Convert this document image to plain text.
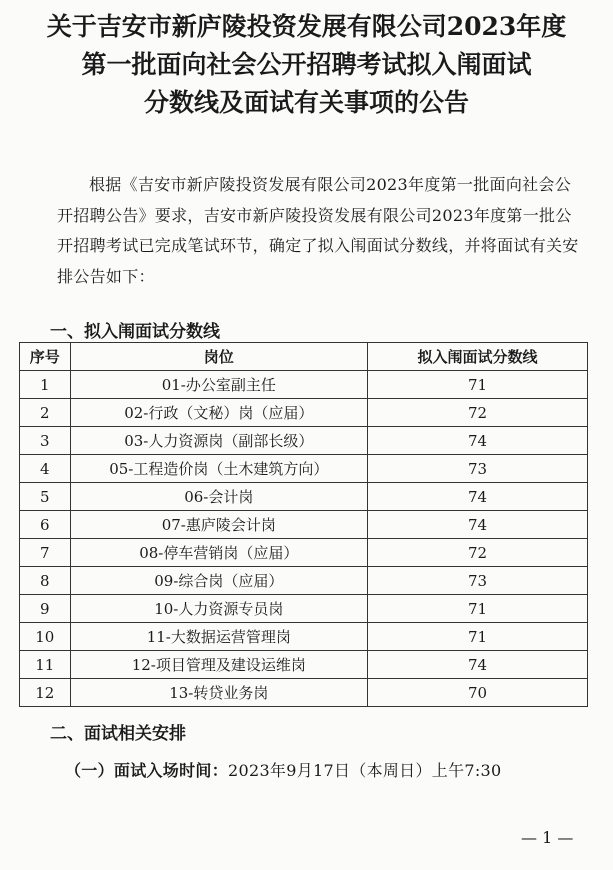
关于吉安市新庐陵投资发展有限公司2023年度
第一批面向社会公开招聘考试拟入闱面试
分数线及面试有关事项的公告
根据《吉安市新庐陵投资发展有限公司2023年度第一批面向社会公开招聘公告》要求，吉安市新庐陵投资发展有限公司2023年度第一批公开招聘考试已完成笔试环节，确定了拟入闱面试分数线，并将面试有关安排公告如下：
一、拟入闱面试分数线
序号	岗位	拟入闱面试分数线
1	01-办公室副主任	71
2	02-行政（文秘）岗（应届）	72
3	03-人力资源岗（副部长级）	74
4	05-工程造价岗（土木建筑方向）	73
5	06-会计岗	74
6	07-惠庐陵会计岗	74
7	08-停车营销岗（应届）	72
8	09-综合岗（应届）	73
9	10-人力资源专员岗	71
10	11-大数据运营管理岗	71
11	12-项目管理及建设运维岗	74
12	13-转贷业务岗	70
二、面试相关安排
（一）面试入场时间：2023年9月17日（本周日）上午7:30
— 1 —
